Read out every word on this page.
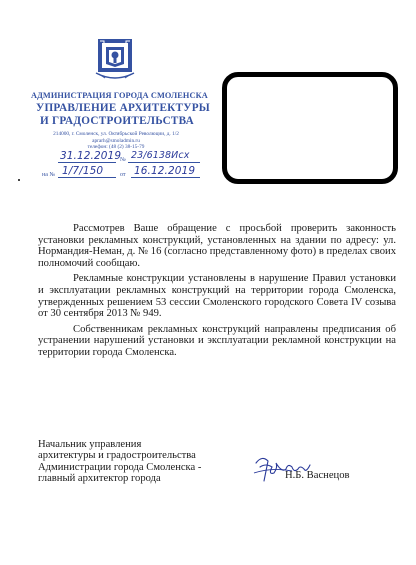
АДМИНИСТРАЦИЯ ГОРОДА СМОЛЕНСКА
УПРАВЛЕНИЕ АРХИТЕКТУРЫ
И ГРАДОСТРОИТЕЛЬСТВА
214000, г. Смоленск, ул. Октябрьской Революции, д. 1/2
aprarh@smoladmin.ru
телефон: (48 (2) 38-15-79
31.12.2019
№ 23/6138Исх
на № 1/7/150	от 16.12.2019

Рассмотрев Ваше обращение с просьбой проверить законность установки рекламных конструкций, установленных на здании по адресу: ул. Нормандия-Неман, д. № 16 (согласно представленному фото) в пределах своих полномочий сообщаю.

Рекламные конструкции установлены в нарушение Правил установки и эксплуатации рекламных конструкций на территории города Смоленска, утвержденных решением 53 сессии Смоленского городского Совета IV созыва от 30 сентября 2013 № 949.

Собственникам рекламных конструкций направлены предписания об устранении нарушений установки и эксплуатации рекламной конструкции на территории города Смоленска.

Начальник управления
архитектуры и градостроительства
Администрации города Смоленска -
главный архитектор города	Н.Б. Васнецов
